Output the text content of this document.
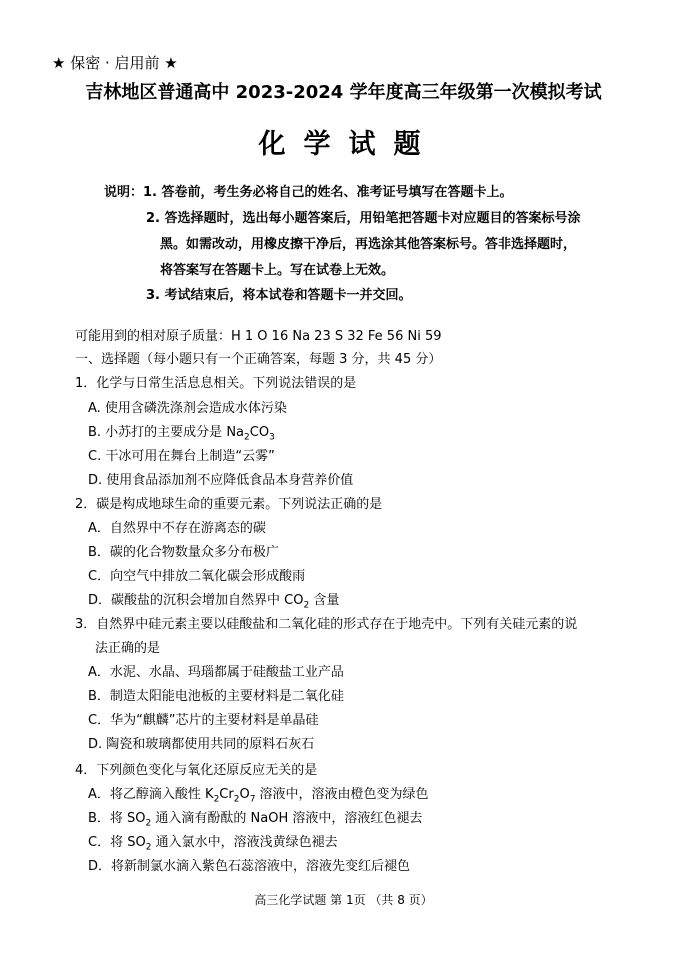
★ 保密 · 启用前 ★
吉林地区普通高中 2023-2024 学年度高三年级第一次模拟考试
化学试题
说明：1. 答卷前，考生务必将自己的姓名、准考证号填写在答题卡上。
2. 答选择题时，选出每小题答案后，用铅笔把答题卡对应题目的答案标号涂
黑。如需改动，用橡皮擦干净后，再选涂其他答案标号。答非选择题时，
将答案写在答题卡上。写在试卷上无效。
3. 考试结束后，将本试卷和答题卡一并交回。
可能用到的相对原子质量：H 1 O 16 Na 23 S 32 Fe 56 Ni 59
一、选择题（每小题只有一个正确答案，每题 3 分，共 45 分）
1．化学与日常生活息息相关。下列说法错误的是
A. 使用含磷洗涤剂会造成水体污染
B. 小苏打的主要成分是 $Na_2CO_3$
C. 干冰可用在舞台上制造“云雾”
D. 使用食品添加剂不应降低食品本身营养价值
2．碳是构成地球生命的重要元素。下列说法正确的是
A．自然界中不存在游离态的碳
B．碳的化合物数量众多分布极广
C．向空气中排放二氧化碳会形成酸雨
D．碳酸盐的沉积会增加自然界中 $CO_2$ 含量
3．自然界中硅元素主要以硅酸盐和二氧化硅的形式存在于地壳中。下列有关硅元素的说
法正确的是
A．水泥、水晶、玛瑙都属于硅酸盐工业产品
B．制造太阳能电池板的主要材料是二氧化硅
C．华为“麒麟”芯片的主要材料是单晶硅
D. 陶瓷和玻璃都使用共同的原料石灰石
4．下列颜色变化与氧化还原反应无关的是
A．将乙醇滴入酸性 $K_2Cr_2O_7$ 溶液中，溶液由橙色变为绿色
B．将 $SO_2$ 通入滴有酚酞的 NaOH 溶液中，溶液红色褪去
C．将 $SO_2$ 通入氯水中，溶液浅黄绿色褪去
D．将新制氯水滴入紫色石蕊溶液中，溶液先变红后褪色
高三化学试题 第 1页 （共 8 页）
